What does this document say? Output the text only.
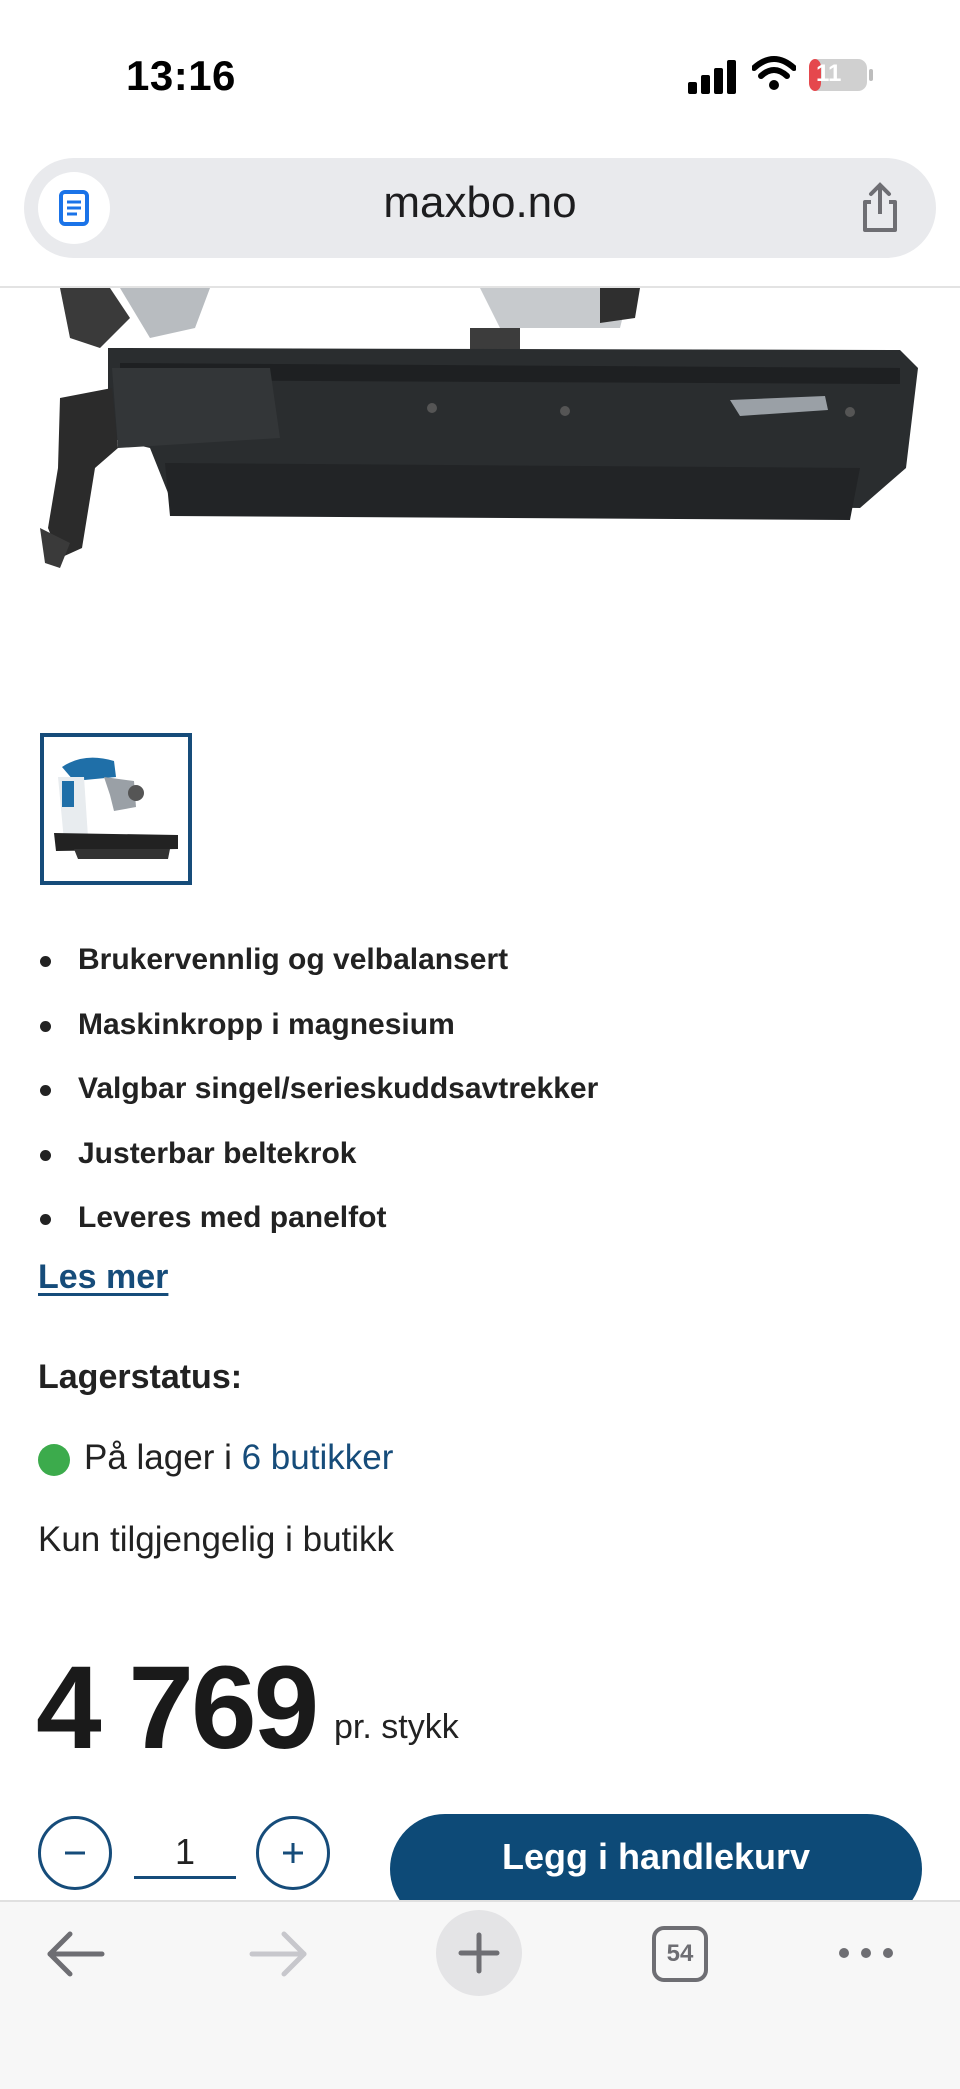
13:16	11
maxbo.no
Brukervennlig og velbalansert
Maskinkropp i magnesium
Valgbar singel/serieskuddsavtrekker
Justerbar beltekrok
Leveres med panelfot
Les mer
Lagerstatus:
På lager i 6 butikker
Kun tilgjengelig i butikk
4 769 pr. stykk
1
Legg i handlekurv
54
